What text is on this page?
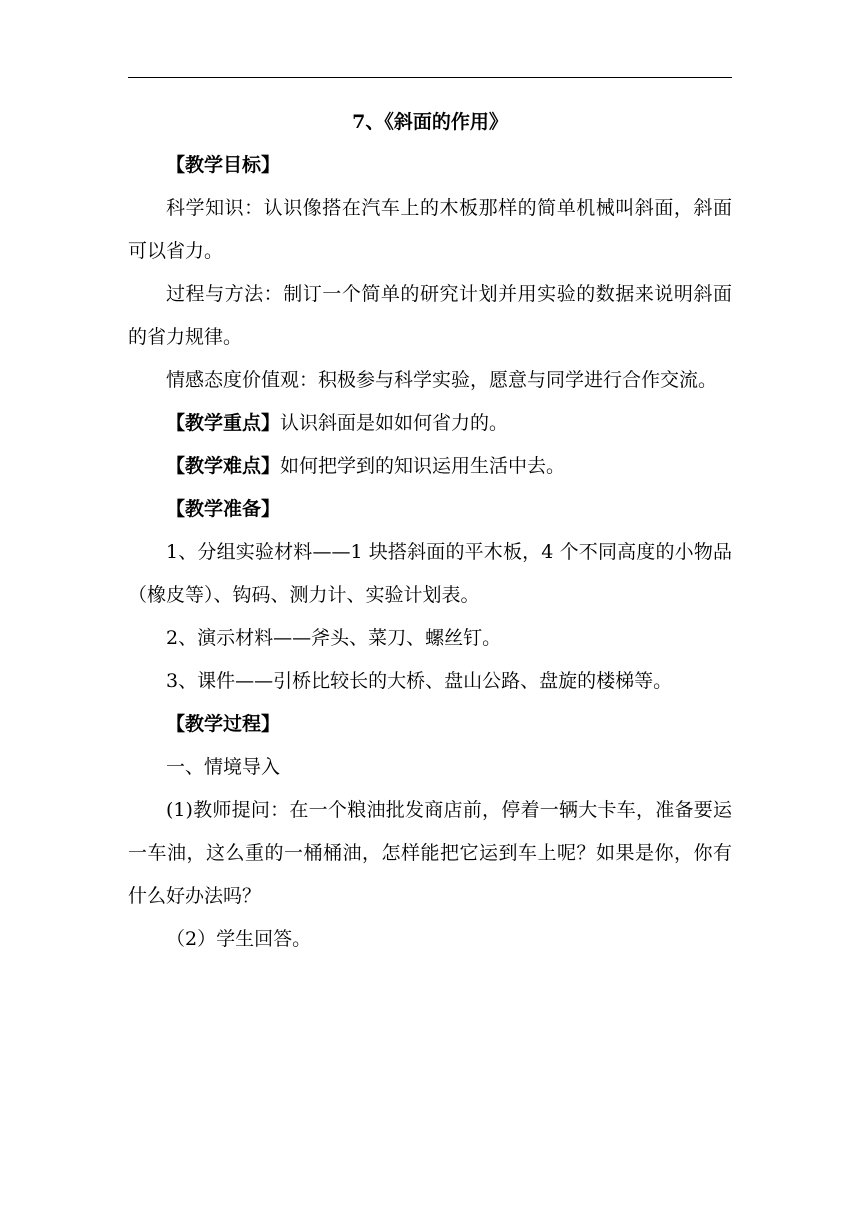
7、《斜面的作用》

【教学目标】

科学知识：认识像搭在汽车上的木板那样的简单机械叫斜面，斜面可以省力。

过程与方法：制订一个简单的研究计划并用实验的数据来说明斜面的省力规律。

情感态度价值观：积极参与科学实验，愿意与同学进行合作交流。

【教学重点】认识斜面是如如何省力的。

【教学难点】如何把学到的知识运用生活中去。

【教学准备】

1、分组实验材料——1 块搭斜面的平木板，4 个不同高度的小物品（橡皮等）、钩码、测力计、实验计划表。

2、演示材料——斧头、菜刀、螺丝钉。

3、课件——引桥比较长的大桥、盘山公路、盘旋的楼梯等。

【教学过程】

一、情境导入

(1)教师提问：在一个粮油批发商店前，停着一辆大卡车，准备要运一车油，这么重的一桶桶油，怎样能把它运到车上呢？如果是你，你有什么好办法吗？

（2）学生回答。
